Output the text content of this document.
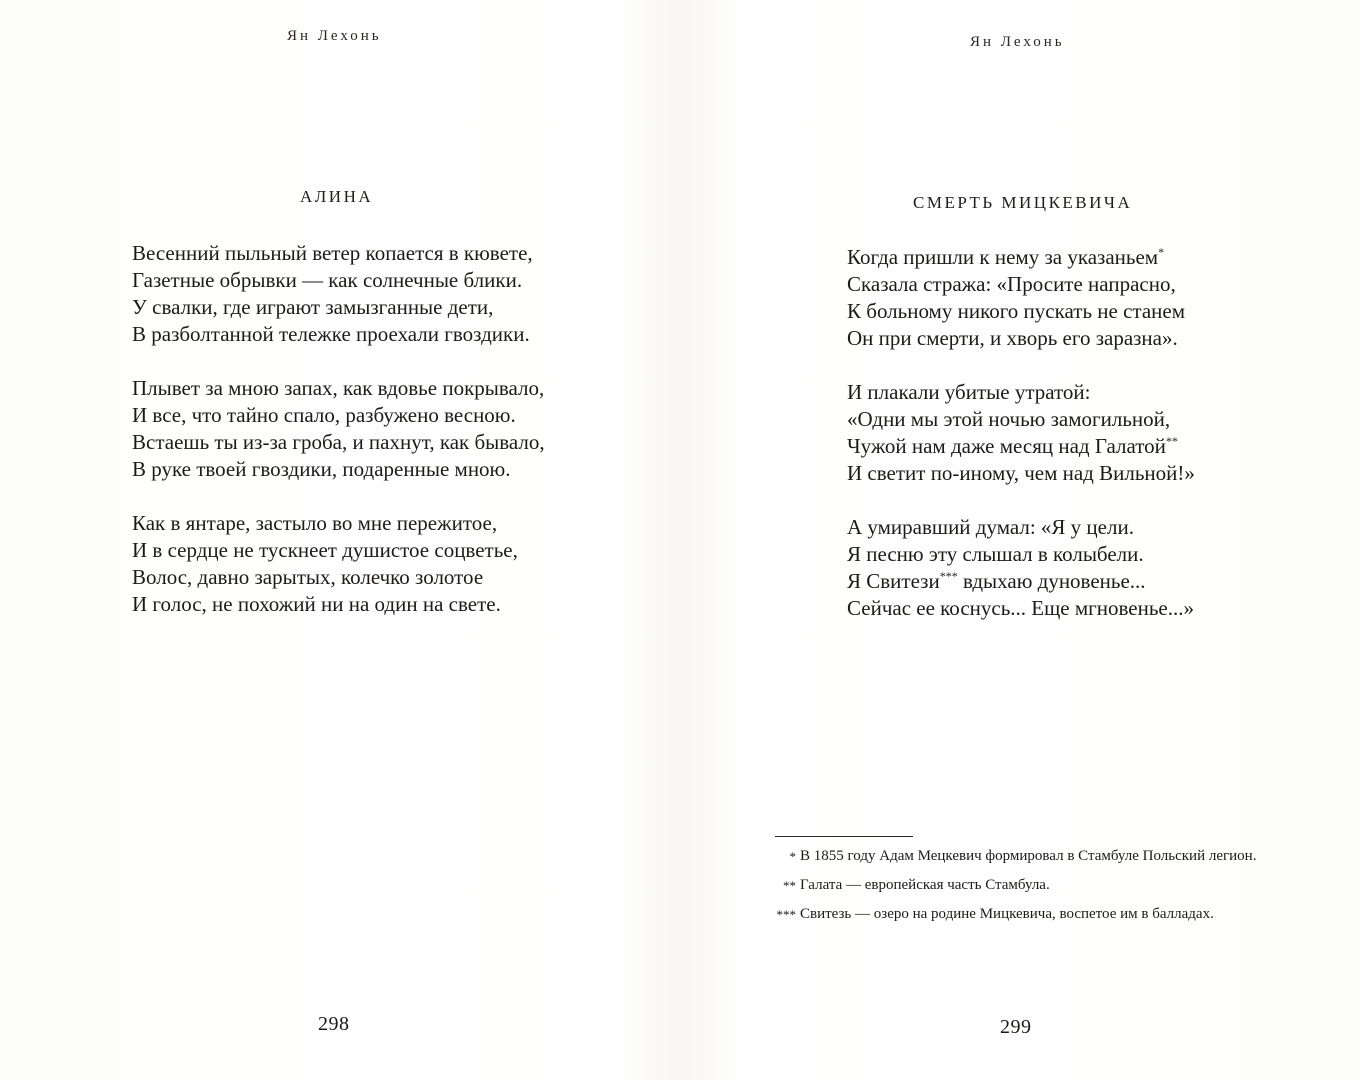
Ян Лехонь
АЛИНА
Весенний пыльный ветер копается в кювете,
Газетные обрывки — как солнечные блики.
У свалки, где играют замызганные дети,
В разболтанной тележке проехали гвоздики.
Плывет за мною запах, как вдовье покрывало,
И все, что тайно спало, разбужено весною.
Встаешь ты из-за гроба, и пахнут, как бывало,
В руке твоей гвоздики, подаренные мною.
Как в янтаре, застыло во мне пережитое,
И в сердце не тускнеет душистое соцветье,
Волос, давно зарытых, колечко золотое
И голос, не похожий ни на один на свете.
298
Ян Лехонь
СМЕРТЬ МИЦКЕВИЧА
Когда пришли к нему за указаньем*
Сказала стража: «Просите напрасно,
К больному никого пускать не станем
Он при смерти, и хворь его заразна».
И плакали убитые утратой:
«Одни мы этой ночью замогильной,
Чужой нам даже месяц над Галатой**
И светит по-иному, чем над Вильной!»
А умиравший думал: «Я у цели.
Я песню эту слышал в колыбели.
Я Свитези*** вдыхаю дуновенье...
Сейчас ее коснусь... Еще мгновенье...»
* В 1855 году Адам Мецкевич формировал в Стамбуле Польский легион.
** Галата — европейская часть Стамбула.
*** Свитезь — озеро на родине Мицкевича, воспетое им в балладах.
299
